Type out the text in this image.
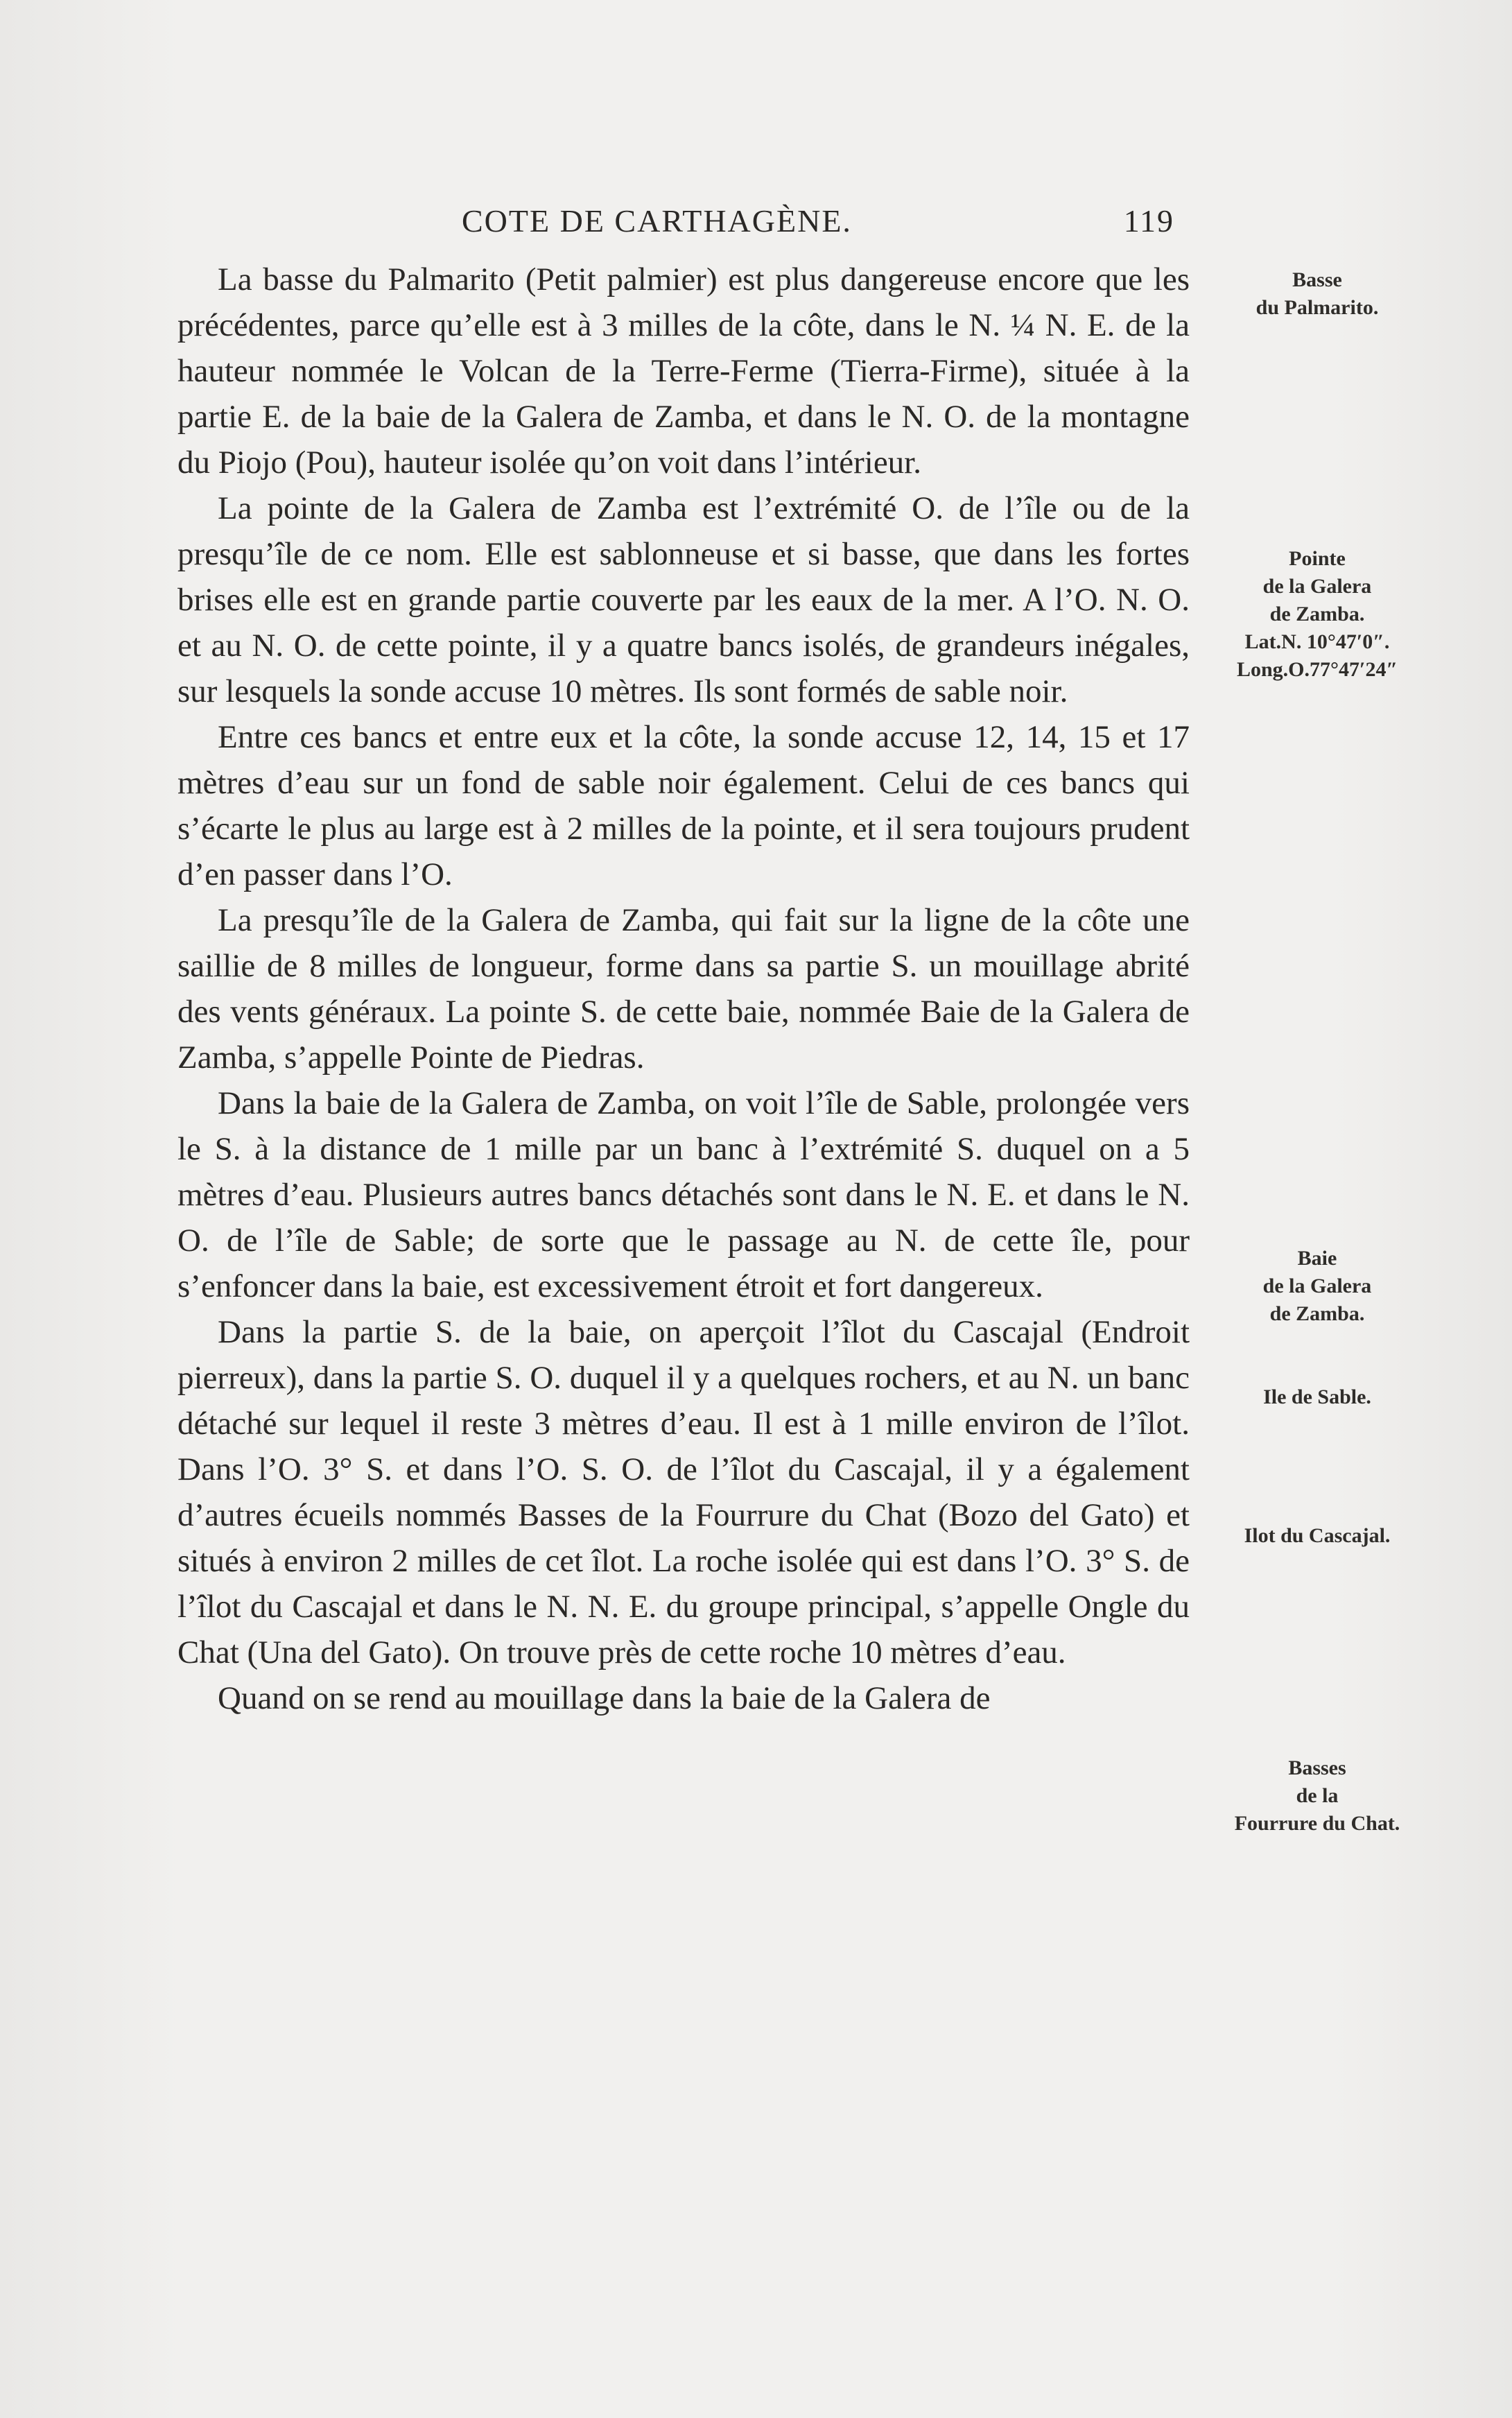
COTE DE CARTHAGÈNE.	119

La basse du Palmarito (Petit palmier) est plus dangereuse encore que les précédentes, parce qu’elle est à 3 milles de la côte, dans le N. ¼ N. E. de la hauteur nommée le Volcan de la Terre-Ferme (Tierra-Firme), située à la partie E. de la baie de la Galera de Zamba, et dans le N. O. de la montagne du Piojo (Pou), hauteur isolée qu’on voit dans l’intérieur.

La pointe de la Galera de Zamba est l’extrémité O. de l’île ou de la presqu’île de ce nom. Elle est sablonneuse et si basse, que dans les fortes brises elle est en grande partie couverte par les eaux de la mer. A l’O. N. O. et au N. O. de cette pointe, il y a quatre bancs isolés, de grandeurs inégales, sur lesquels la sonde accuse 10 mètres. Ils sont formés de sable noir.

Entre ces bancs et entre eux et la côte, la sonde accuse 12, 14, 15 et 17 mètres d’eau sur un fond de sable noir également. Celui de ces bancs qui s’écarte le plus au large est à 2 milles de la pointe, et il sera toujours prudent d’en passer dans l’O.

La presqu’île de la Galera de Zamba, qui fait sur la ligne de la côte une saillie de 8 milles de longueur, forme dans sa partie S. un mouillage abrité des vents généraux. La pointe S. de cette baie, nommée Baie de la Galera de Zamba, s’appelle Pointe de Piedras.

Dans la baie de la Galera de Zamba, on voit l’île de Sable, prolongée vers le S. à la distance de 1 mille par un banc à l’extrémité S. duquel on a 5 mètres d’eau. Plusieurs autres bancs détachés sont dans le N. E. et dans le N. O. de l’île de Sable; de sorte que le passage au N. de cette île, pour s’enfoncer dans la baie, est excessivement étroit et fort dangereux.

Dans la partie S. de la baie, on aperçoit l’îlot du Cascajal (Endroit pierreux), dans la partie S. O. duquel il y a quelques rochers, et au N. un banc détaché sur lequel il reste 3 mètres d’eau. Il est à 1 mille environ de l’îlot. Dans l’O. 3° S. et dans l’O. S. O. de l’îlot du Cascajal, il y a également d’autres écueils nommés Basses de la Fourrure du Chat (Bozo del Gato) et situés à environ 2 milles de cet îlot. La roche isolée qui est dans l’O. 3° S. de l’îlot du Cascajal et dans le N. N. E. du groupe principal, s’appelle Ongle du Chat (Una del Gato). On trouve près de cette roche 10 mètres d’eau.

Quand on se rend au mouillage dans la baie de la Galera de

Basse
du Palmarito.
Pointe
de la Galera
de Zamba.
Lat.N. 10°47′0″.
Long.O.77°47′24″
Baie
de la Galera
de Zamba.
Ile de Sable.
Ilot du Cascajal.
Basses
de la
Fourrure du Chat.
